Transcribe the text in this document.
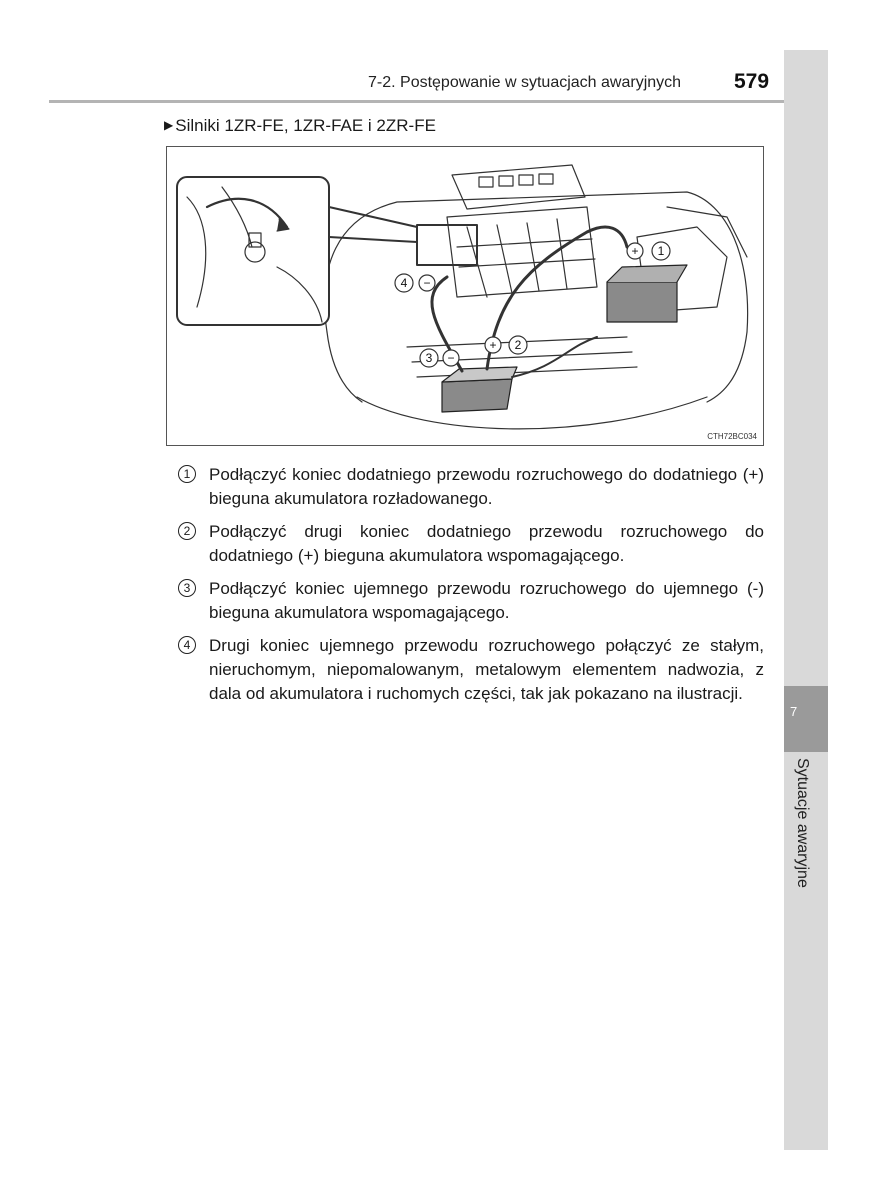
7
Sytuacje awaryjne
7-2. Postępowanie w sytuacjach awaryjnych	579
▶ Silniki 1ZR-FE, 1ZR-FAE i 2ZR-FE
+ 1
+ 2
3 −
4 −
CTH72BC034
1	Podłączyć koniec dodatniego przewodu rozruchowego do dodatniego (+) bieguna akumulatora rozładowanego.
2	Podłączyć drugi koniec dodatniego przewodu rozruchowego do dodatniego (+) bieguna akumulatora wspomagającego.
3	Podłączyć koniec ujemnego przewodu rozruchowego do ujemnego (-) bieguna akumulatora wspomagającego.
4	Drugi koniec ujemnego przewodu rozruchowego połączyć ze stałym, nieruchomym, niepomalowanym, metalowym elementem nadwozia, z dala od akumulatora i ruchomych części, tak jak pokazano na ilustracji.
